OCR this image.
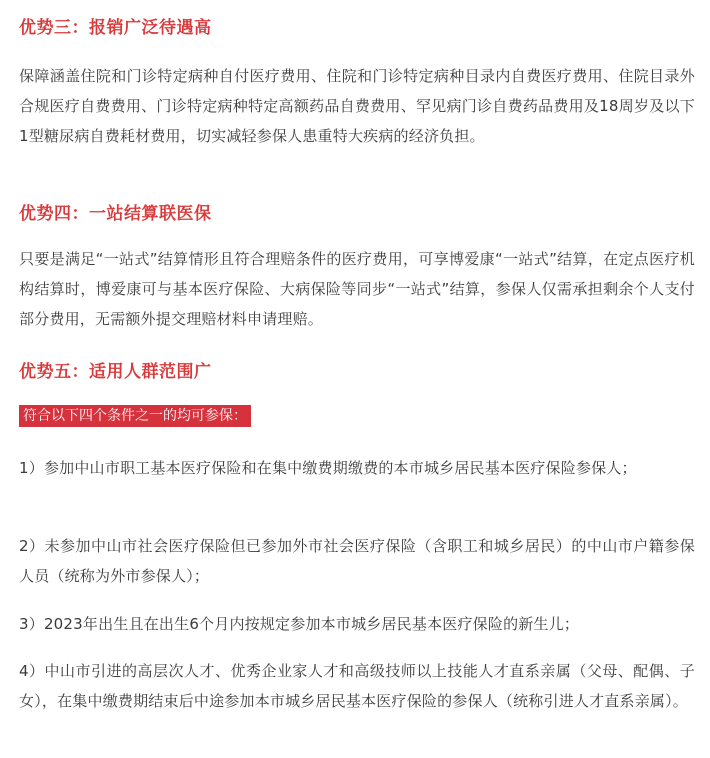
优势三：报销广泛待遇高

保障涵盖住院和门诊特定病种自付医疗费用、住院和门诊特定病种目录内自费医疗费用、住院目录外合规医疗自费费用、门诊特定病种特定高额药品自费费用、罕见病门诊自费药品费用及18周岁及以下1型糖尿病自费耗材费用，切实减轻参保人患重特大疾病的经济负担。

优势四：一站结算联医保

只要是满足“一站式”结算情形且符合理赔条件的医疗费用，可享博爱康“一站式”结算，在定点医疗机构结算时，博爱康可与基本医疗保险、大病保险等同步“一站式”结算，参保人仅需承担剩余个人支付部分费用，无需额外提交理赔材料申请理赔。

优势五：适用人群范围广
符合以下四个条件之一的均可参保：

1）参加中山市职工基本医疗保险和在集中缴费期缴费的本市城乡居民基本医疗保险参保人；

2）未参加中山市社会医疗保险但已参加外市社会医疗保险（含职工和城乡居民）的中山市户籍参保人员（统称为外市参保人）；

3）2023年出生且在出生6个月内按规定参加本市城乡居民基本医疗保险的新生儿；

4）中山市引进的高层次人才、优秀企业家人才和高级技师以上技能人才直系亲属（父母、配偶、子女），在集中缴费期结束后中途参加本市城乡居民基本医疗保险的参保人（统称引进人才直系亲属）。
